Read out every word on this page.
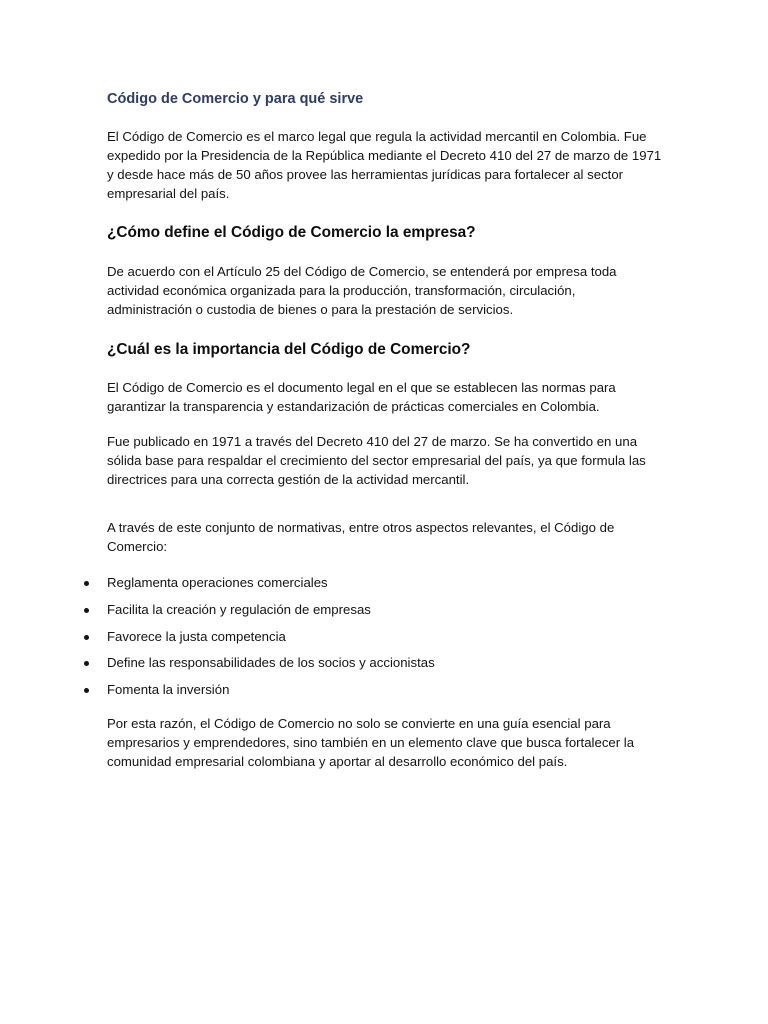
Código de Comercio y para qué sirve

El Código de Comercio es el marco legal que regula la actividad mercantil en Colombia. Fue expedido por la Presidencia de la República mediante el Decreto 410 del 27 de marzo de 1971 y desde hace más de 50 años provee las herramientas jurídicas para fortalecer al sector empresarial del país.

¿Cómo define el Código de Comercio la empresa?

De acuerdo con el Artículo 25 del Código de Comercio, se entenderá por empresa toda actividad económica organizada para la producción, transformación, circulación, administración o custodia de bienes o para la prestación de servicios.

¿Cuál es la importancia del Código de Comercio?

El Código de Comercio es el documento legal en el que se establecen las normas para garantizar la transparencia y estandarización de prácticas comerciales en Colombia.

Fue publicado en 1971 a través del Decreto 410 del 27 de marzo. Se ha convertido en una sólida base para respaldar el crecimiento del sector empresarial del país, ya que formula las directrices para una correcta gestión de la actividad mercantil.

A través de este conjunto de normativas, entre otros aspectos relevantes, el Código de Comercio:

Reglamenta operaciones comerciales
Facilita la creación y regulación de empresas
Favorece la justa competencia
Define las responsabilidades de los socios y accionistas
Fomenta la inversión

Por esta razón, el Código de Comercio no solo se convierte en una guía esencial para empresarios y emprendedores, sino también en un elemento clave que busca fortalecer la comunidad empresarial colombiana y aportar al desarrollo económico del país.
